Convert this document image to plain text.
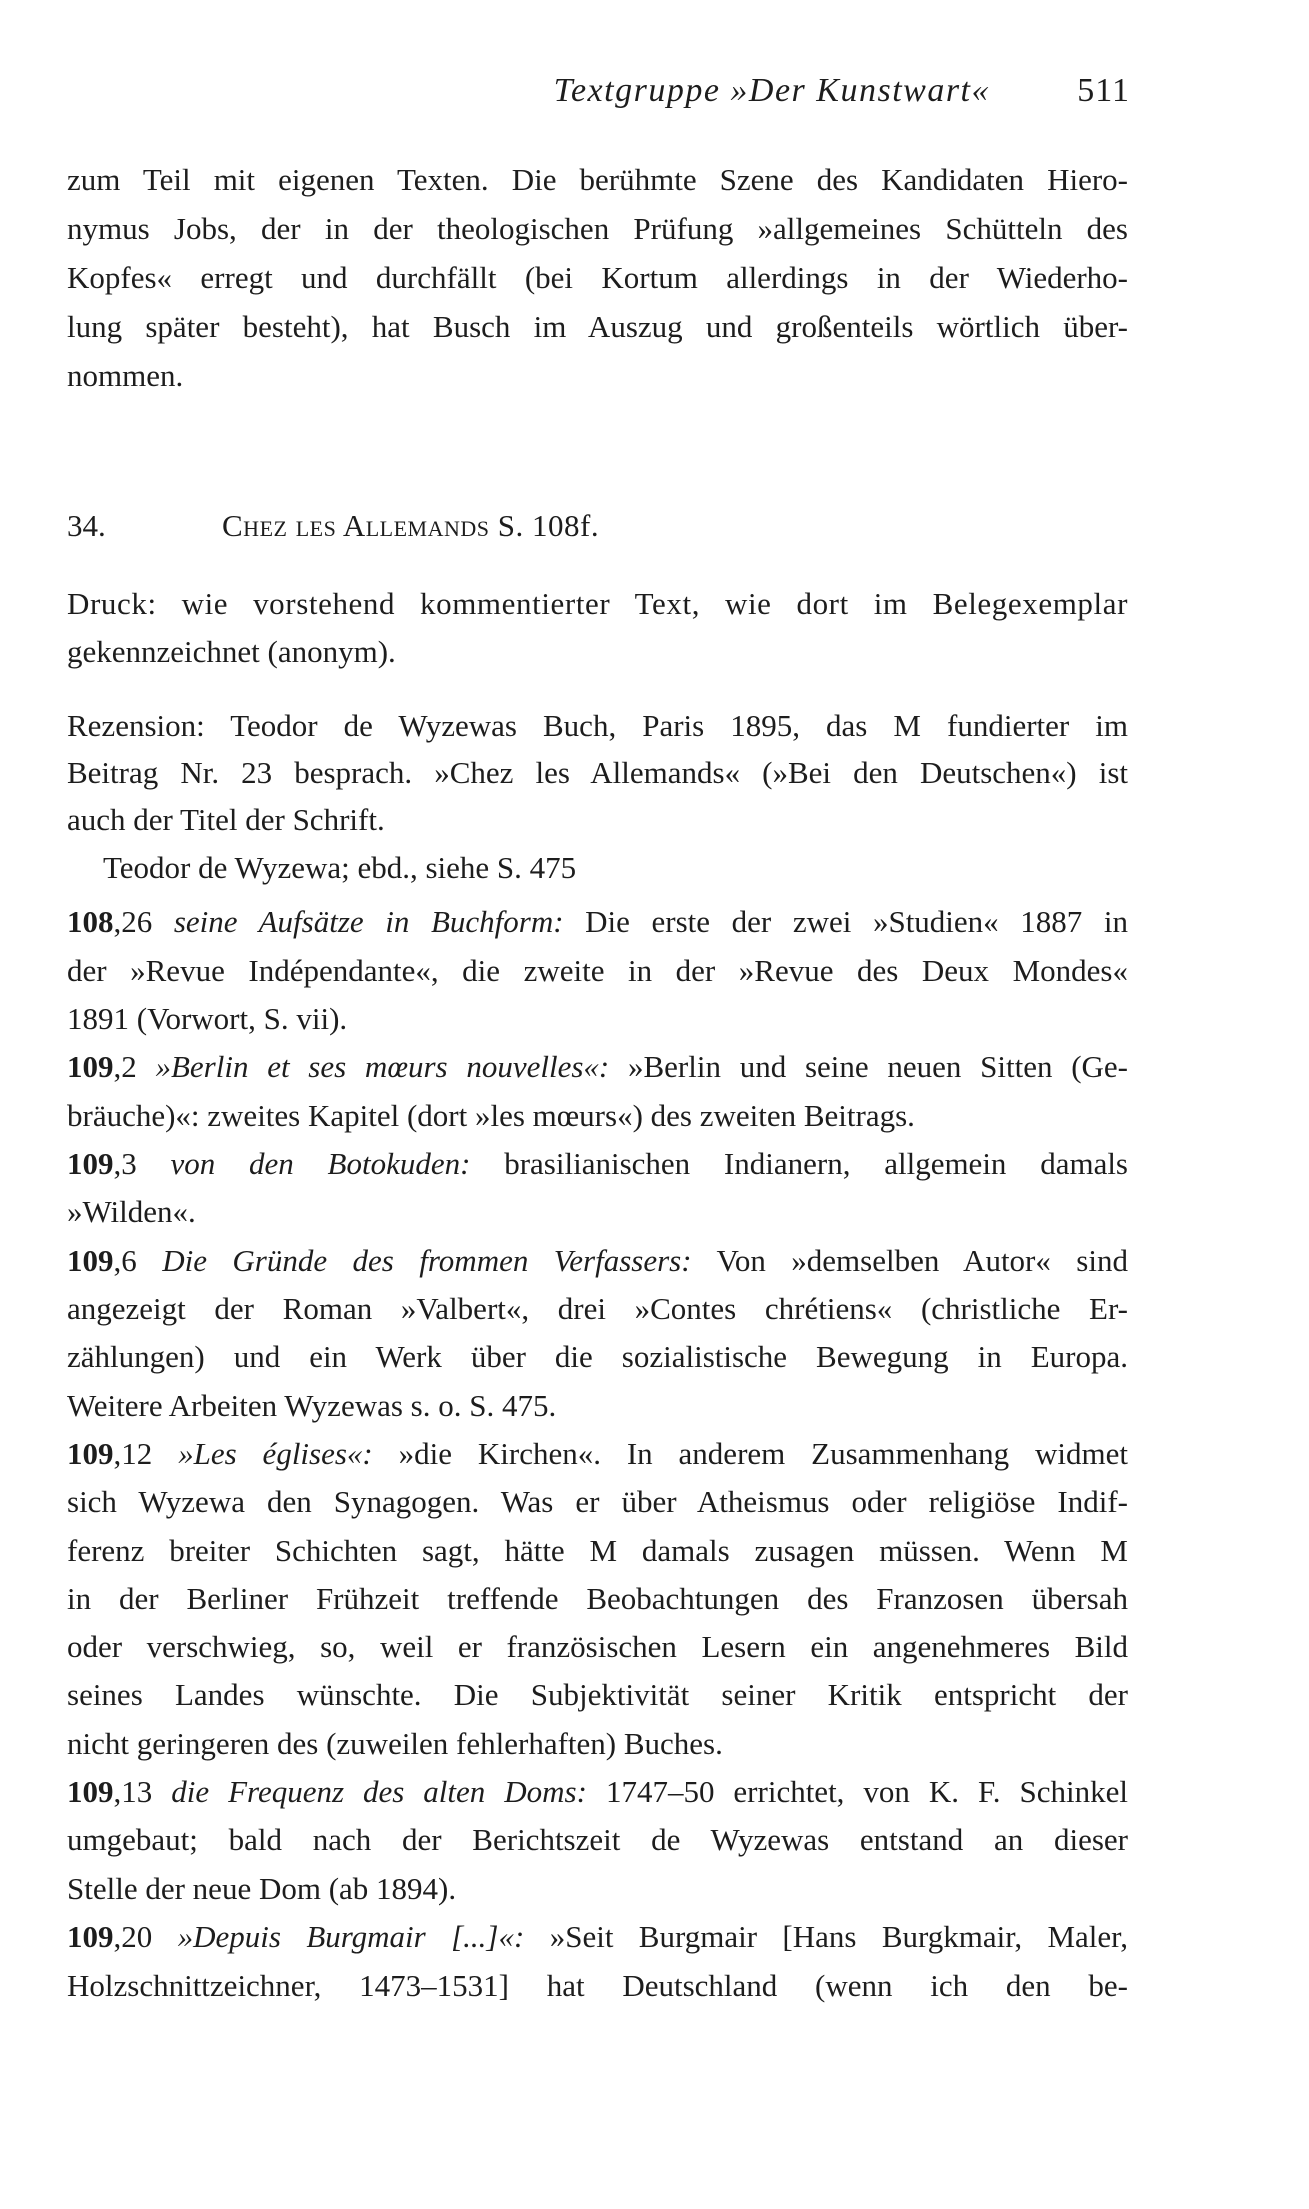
Textgruppe »Der Kunstwart«	511
zum Teil mit eigenen Texten. Die berühmte Szene des Kandidaten Hiero-
nymus Jobs, der in der theologischen Prüfung »allgemeines Schütteln des
Kopfes« erregt und durchfällt (bei Kortum allerdings in der Wiederho-
lung später besteht), hat Busch im Auszug und großenteils wörtlich über-
nommen.
34.	Chez les Allemands S. 108f.
Druck: wie vorstehend kommentierter Text, wie dort im Belegexemplar
gekennzeichnet (anonym).
Rezension: Teodor de Wyzewas Buch, Paris 1895, das M fundierter im
Beitrag Nr. 23 besprach. »Chez les Allemands« (»Bei den Deutschen«) ist
auch der Titel der Schrift.
Teodor de Wyzewa; ebd., siehe S. 475
108,26 seine Aufsätze in Buchform: Die erste der zwei »Studien« 1887 in
der »Revue Indépendante«, die zweite in der »Revue des Deux Mondes«
1891 (Vorwort, S. vii).
109,2 »Berlin et ses mœurs nouvelles«: »Berlin und seine neuen Sitten (Ge-
bräuche)«: zweites Kapitel (dort »les mœurs«) des zweiten Beitrags.
109,3 von den Botokuden: brasilianischen Indianern, allgemein damals
»Wilden«.
109,6 Die Gründe des frommen Verfassers: Von »demselben Autor« sind
angezeigt der Roman »Valbert«, drei »Contes chrétiens« (christliche Er-
zählungen) und ein Werk über die sozialistische Bewegung in Europa.
Weitere Arbeiten Wyzewas s. o. S. 475.
109,12 »Les églises«: »die Kirchen«. In anderem Zusammenhang widmet
sich Wyzewa den Synagogen. Was er über Atheismus oder religiöse Indif-
ferenz breiter Schichten sagt, hätte M damals zusagen müssen. Wenn M
in der Berliner Frühzeit treffende Beobachtungen des Franzosen übersah
oder verschwieg, so, weil er französischen Lesern ein angenehmeres Bild
seines Landes wünschte. Die Subjektivität seiner Kritik entspricht der
nicht geringeren des (zuweilen fehlerhaften) Buches.
109,13 die Frequenz des alten Doms: 1747–50 errichtet, von K. F. Schinkel
umgebaut; bald nach der Berichtszeit de Wyzewas entstand an dieser
Stelle der neue Dom (ab 1894).
109,20 »Depuis Burgmair [...]«: »Seit Burgmair [Hans Burgkmair, Maler,
Holzschnittzeichner, 1473–1531] hat Deutschland (wenn ich den be-
